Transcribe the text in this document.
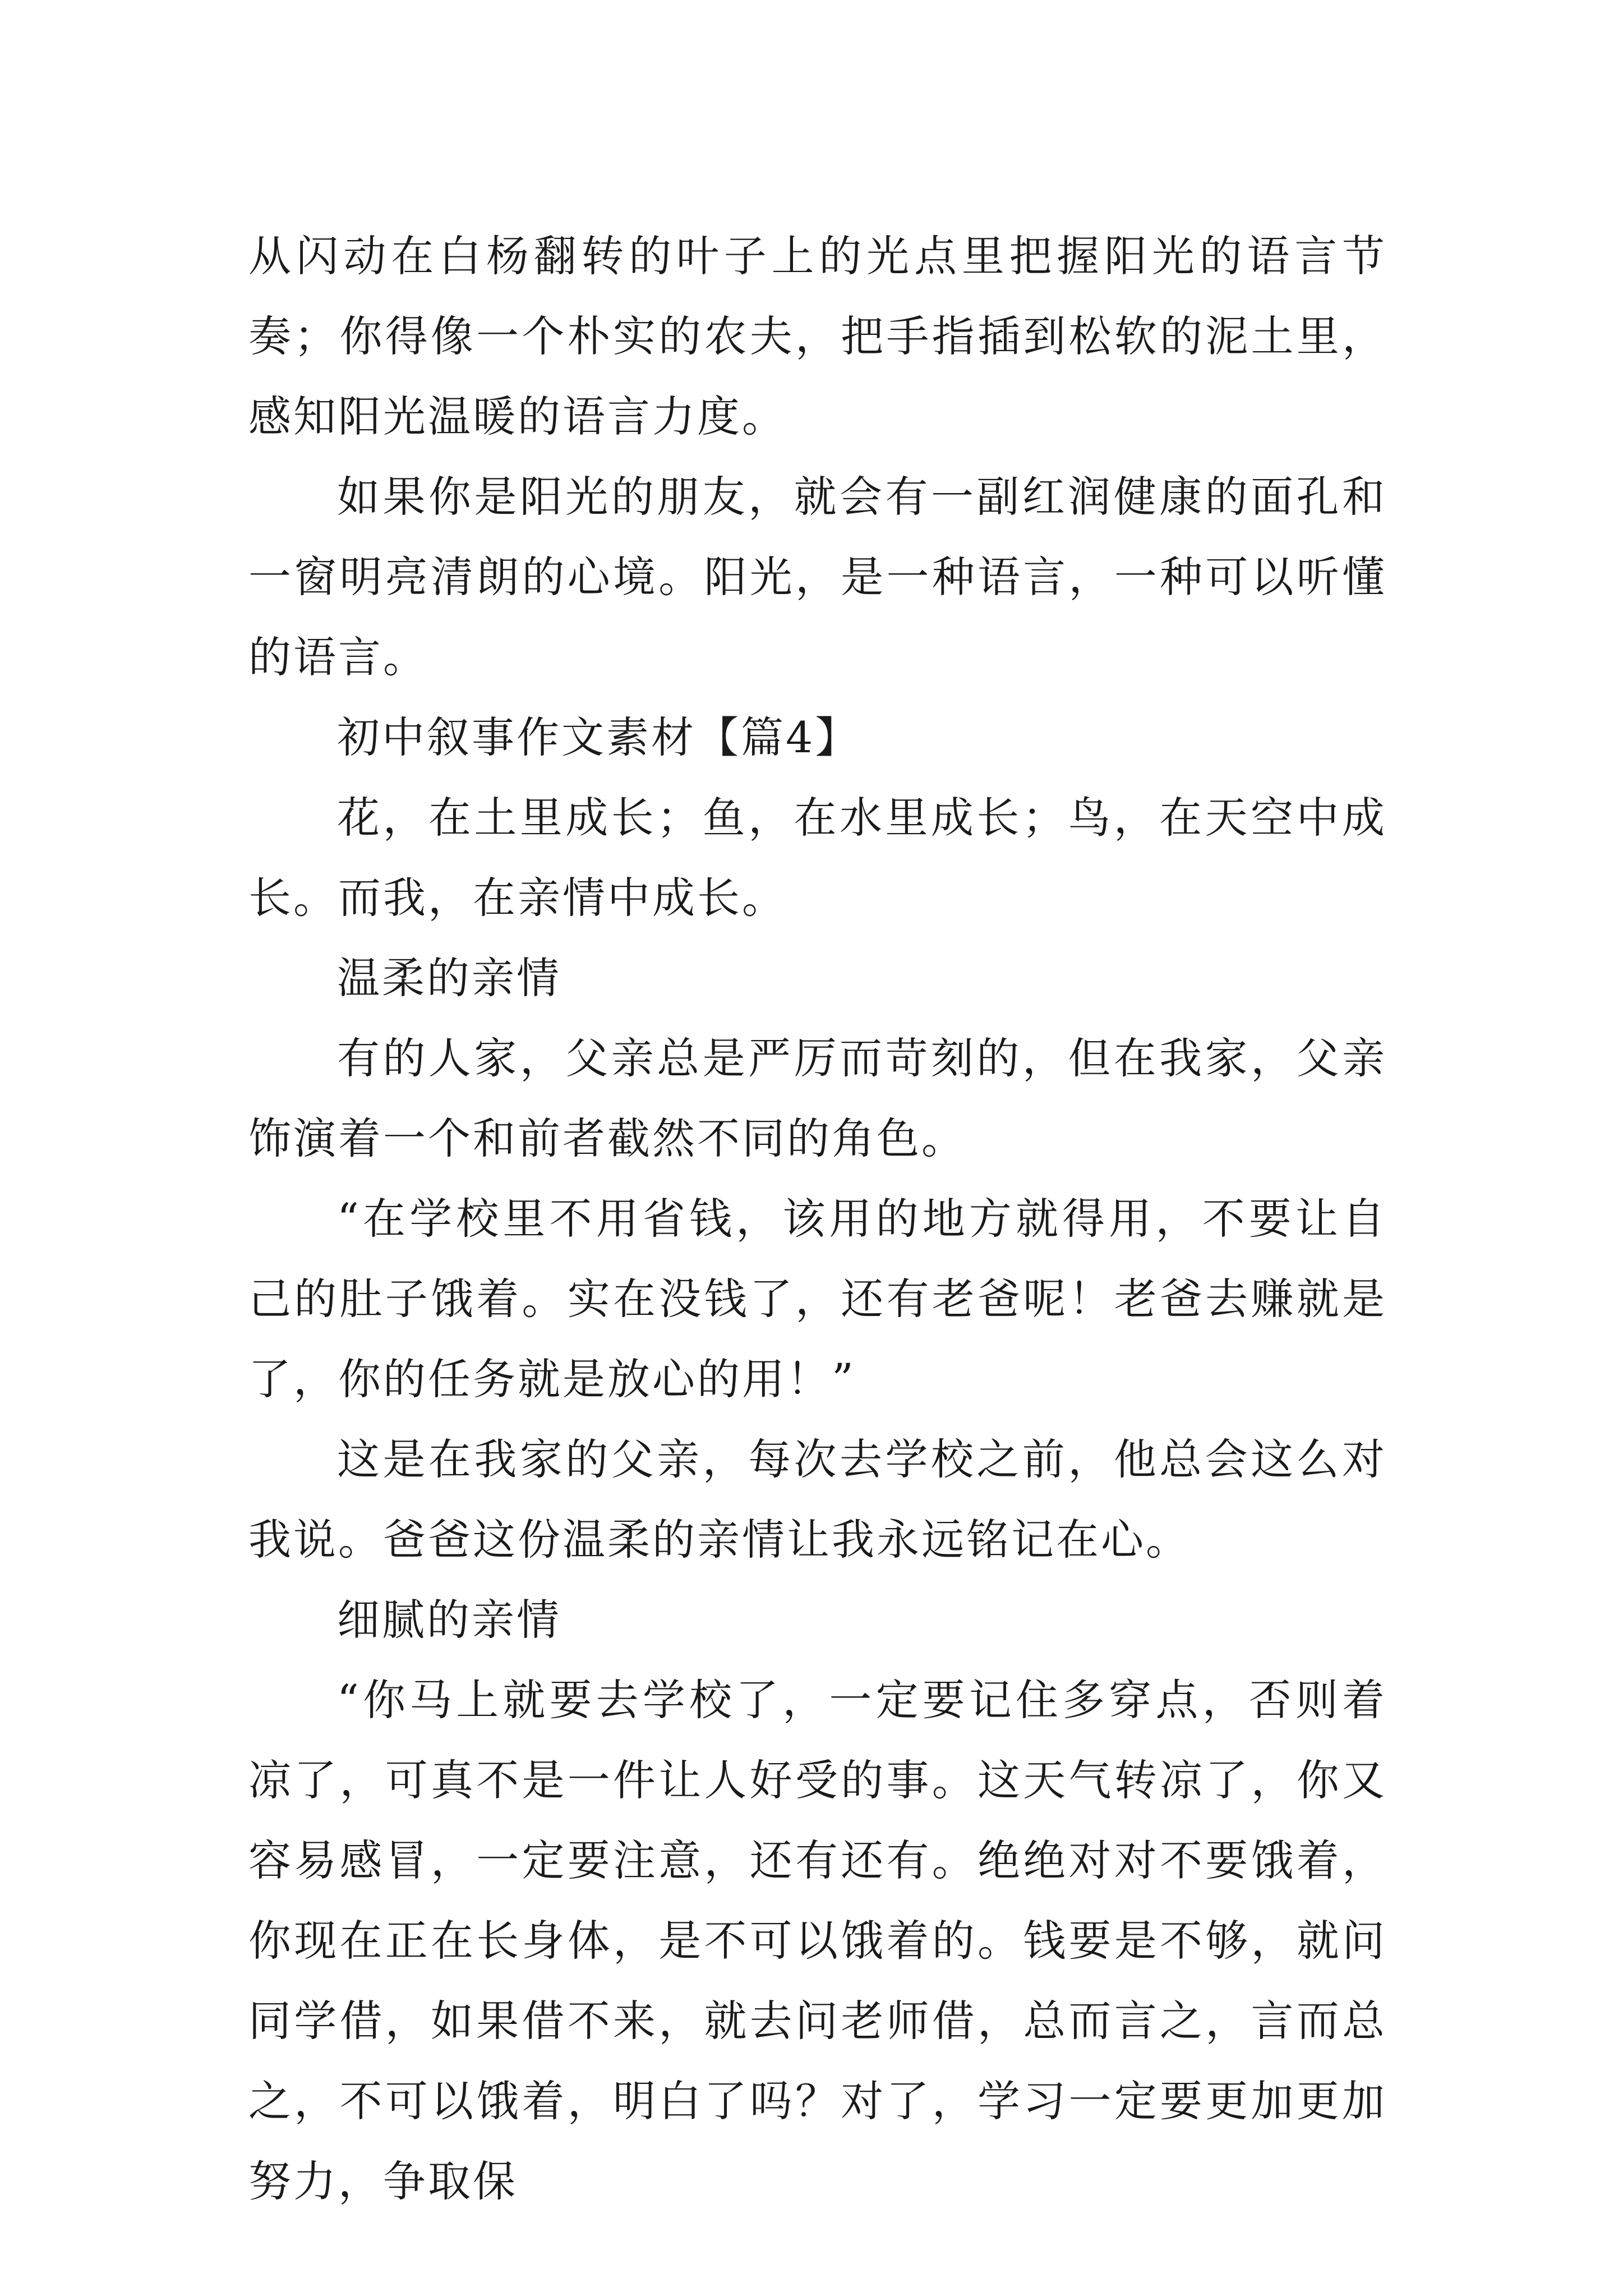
从闪动在白杨翻转的叶子上的光点里把握阳光的语言节奏；你得像一个朴实的农夫，把手指插到松软的泥土里，感知阳光温暖的语言力度。

如果你是阳光的朋友，就会有一副红润健康的面孔和一窗明亮清朗的心境。阳光，是一种语言，一种可以听懂的语言。

初中叙事作文素材【篇4】

花，在土里成长；鱼，在水里成长；鸟，在天空中成长。而我，在亲情中成长。

温柔的亲情

有的人家，父亲总是严厉而苛刻的，但在我家，父亲饰演着一个和前者截然不同的角色。

“在学校里不用省钱，该用的地方就得用，不要让自己的肚子饿着。实在没钱了，还有老爸呢！老爸去赚就是了，你的任务就是放心的用！”

这是在我家的父亲，每次去学校之前，他总会这么对我说。爸爸这份温柔的亲情让我永远铭记在心。

细腻的亲情

“你马上就要去学校了，一定要记住多穿点，否则着凉了，可真不是一件让人好受的事。这天气转凉了，你又容易感冒，一定要注意，还有还有。绝绝对对不要饿着，你现在正在长身体，是不可以饿着的。钱要是不够，就问同学借，如果借不来，就去问老师借，总而言之，言而总之，不可以饿着，明白了吗？对了，学习一定要更加更加努力，争取保
